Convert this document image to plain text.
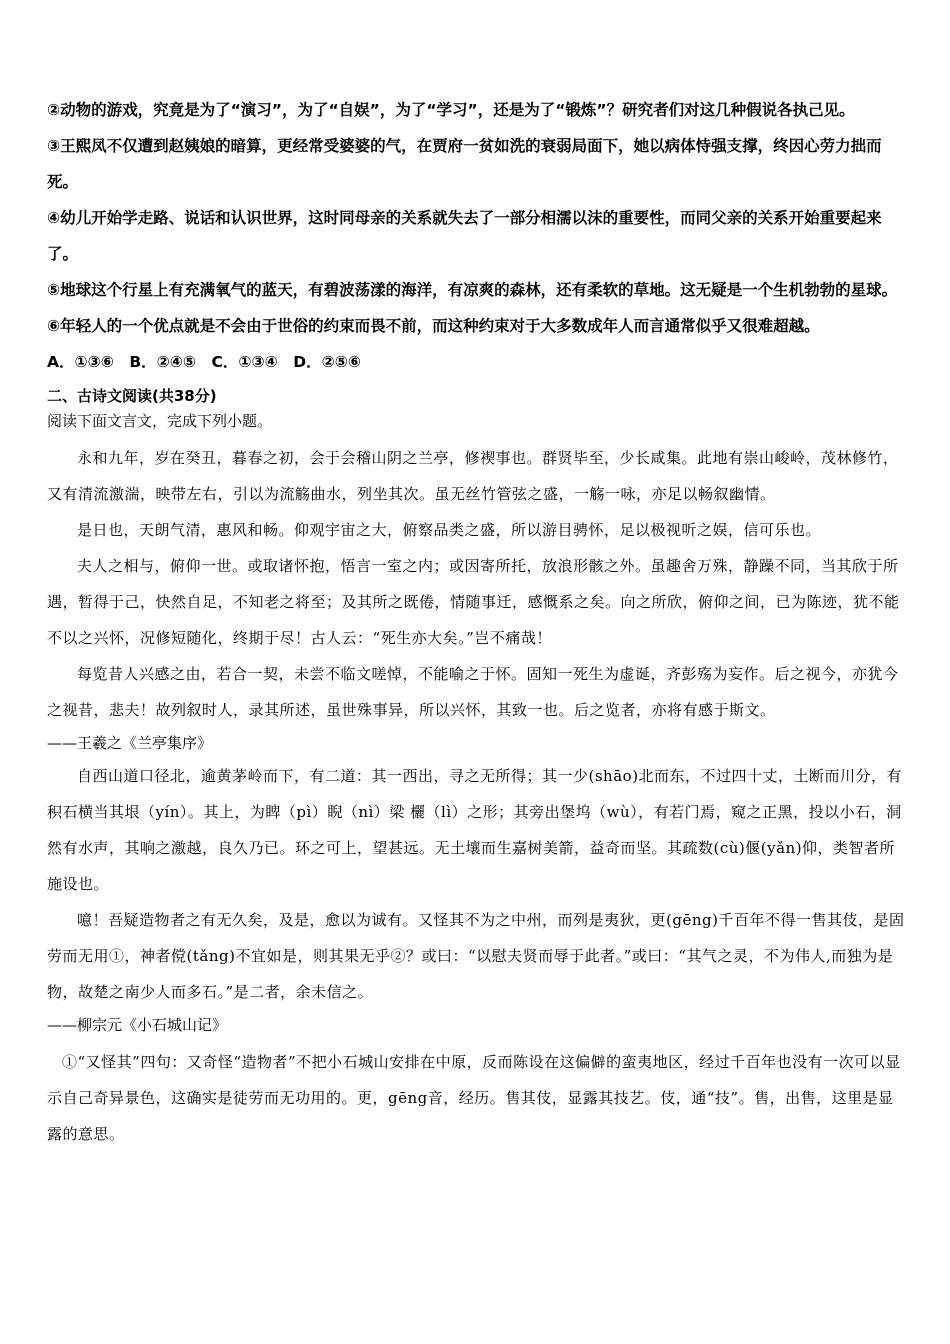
②动物的游戏，究竟是为了“演习”，为了“自娱”，为了“学习”，还是为了“锻炼”？研究者们对这几种假说各执己见。

③王熙凤不仅遭到赵姨娘的暗算，更经常受婆婆的气，在贾府一贫如洗的衰弱局面下，她以病体恃强支撑，终因心劳力拙而死。

④幼儿开始学走路、说话和认识世界，这时同母亲的关系就失去了一部分相濡以沫的重要性，而同父亲的关系开始重要起来了。

⑤地球这个行星上有充满氧气的蓝天，有碧波荡漾的海洋，有凉爽的森林，还有柔软的草地。这无疑是一个生机勃勃的星球。

⑥年轻人的一个优点就是不会由于世俗的约束而畏不前，而这种约束对于大多数成年人而言通常似乎又很难超越。

A．①③⑥　B．②④⑤　C．①③④　D．②⑤⑥

二、古诗文阅读(共38分)

阅读下面文言文，完成下列小题。

永和九年，岁在癸丑，暮春之初，会于会稽山阴之兰亭，修禊事也。群贤毕至，少长咸集。此地有崇山峻岭，茂林修竹，又有清流激湍，映带左右，引以为流觞曲水，列坐其次。虽无丝竹管弦之盛，一觞一咏，亦足以畅叙幽情。

是日也，天朗气清，惠风和畅。仰观宇宙之大，俯察品类之盛，所以游目骋怀，足以极视听之娱，信可乐也。

夫人之相与，俯仰一世。或取诸怀抱，悟言一室之内；或因寄所托，放浪形骸之外。虽趣舍万殊，静躁不同，当其欣于所遇，暂得于己，快然自足，不知老之将至；及其所之既倦，情随事迁，感慨系之矣。向之所欣，俯仰之间，已为陈迹，犹不能不以之兴怀，况修短随化，终期于尽！古人云：“死生亦大矣。”岂不痛哉！

每览昔人兴感之由，若合一契，未尝不临文嗟悼，不能喻之于怀。固知一死生为虚诞，齐彭殇为妄作。后之视今，亦犹今之视昔，悲夫！故列叙时人，录其所述，虽世殊事异，所以兴怀，其致一也。后之览者，亦将有感于斯文。

——王羲之《兰亭集序》

自西山道口径北，逾黄茅岭而下，有二道：其一西出，寻之无所得；其一少(shāo)北而东，不过四十丈，土断而川分，有积石横当其垠（yín）。其上，为睥（pì）睨（nì）梁 欐（lì）之形；其旁出堡坞（wù），有若门焉，窥之正黑，投以小石，洞然有水声，其响之激越，良久乃已。环之可上，望甚远。无土壤而生嘉树美箭，益奇而坚。其疏数(cù)偃(yǎn)仰，类智者所施设也。

噫！吾疑造物者之有无久矣，及是，愈以为诚有。又怪其不为之中州，而列是夷狄，更(gēng)千百年不得一售其伎，是固劳而无用①，神者傥(tǎng)不宜如是，则其果无乎②？或曰：“以慰夫贤而辱于此者。”或曰：“其气之灵，不为伟人,而独为是物，故楚之南少人而多石。”是二者，余未信之。

——柳宗元《小石城山记》

①“又怪其”四句：又奇怪“造物者”不把小石城山安排在中原，反而陈设在这偏僻的蛮夷地区，经过千百年也没有一次可以显示自己奇异景色，这确实是徒劳而无功用的。更，gēng音，经历。售其伎，显露其技艺。伎，通“技”。售，出售，这里是显露的意思。
